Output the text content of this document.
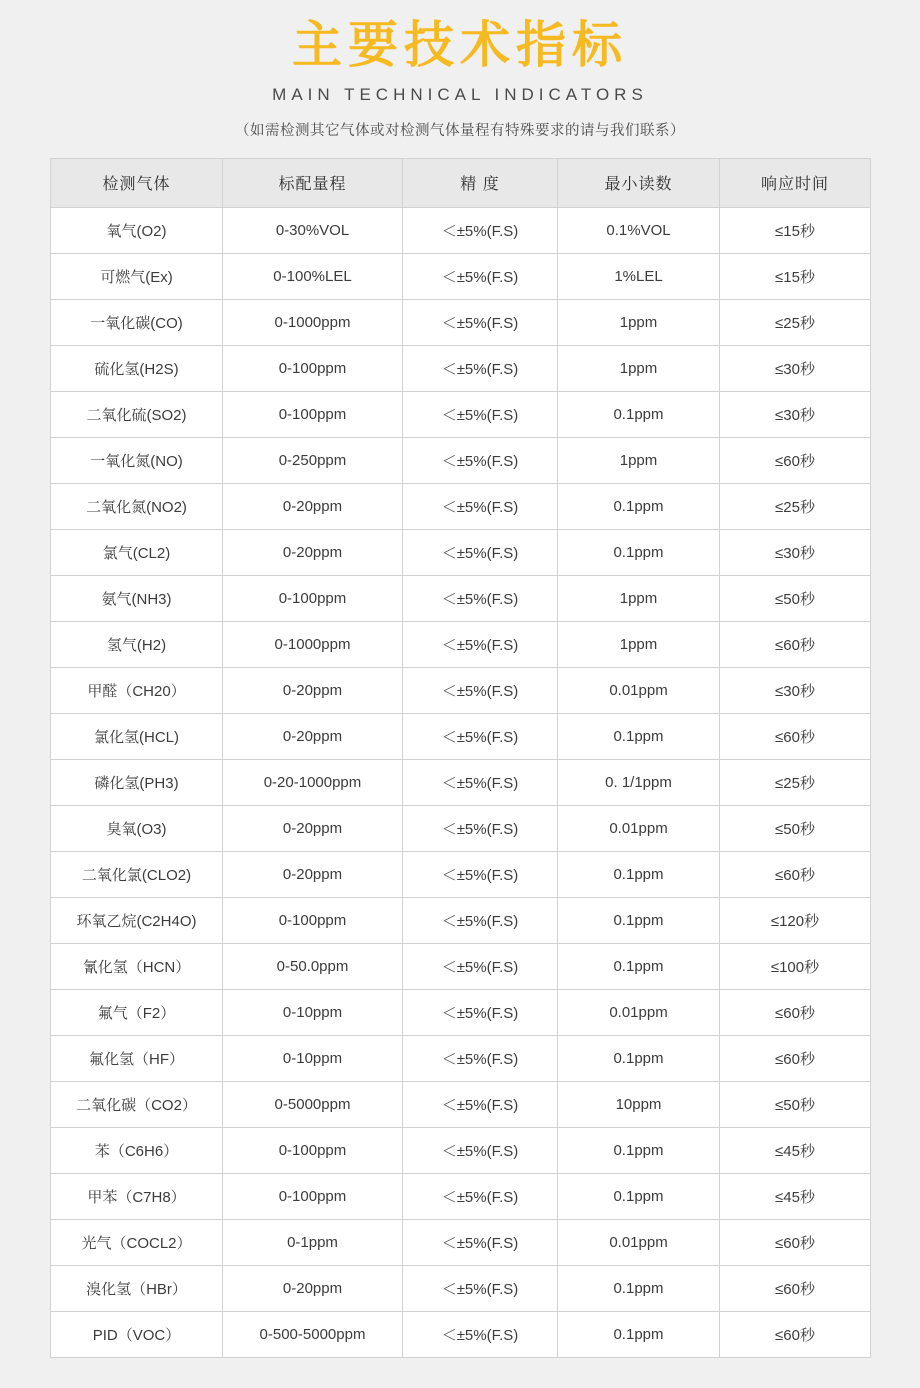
主要技术指标
MAIN TECHNICAL INDICATORS
（如需检测其它气体或对检测气体量程有特殊要求的请与我们联系）
检测气体	标配量程	精 度	最小读数	响应时间
氧气(O2)	0-30%VOL	＜±5%(F.S)	0.1%VOL	≤15秒
可燃气(Ex)	0-100%LEL	＜±5%(F.S)	1%LEL	≤15秒
一氧化碳(CO)	0-1000ppm	＜±5%(F.S)	1ppm	≤25秒
硫化氢(H2S)	0-100ppm	＜±5%(F.S)	1ppm	≤30秒
二氧化硫(SO2)	0-100ppm	＜±5%(F.S)	0.1ppm	≤30秒
一氧化氮(NO)	0-250ppm	＜±5%(F.S)	1ppm	≤60秒
二氧化氮(NO2)	0-20ppm	＜±5%(F.S)	0.1ppm	≤25秒
氯气(CL2)	0-20ppm	＜±5%(F.S)	0.1ppm	≤30秒
氨气(NH3)	0-100ppm	＜±5%(F.S)	1ppm	≤50秒
氢气(H2)	0-1000ppm	＜±5%(F.S)	1ppm	≤60秒
甲醛（CH20）	0-20ppm	＜±5%(F.S)	0.01ppm	≤30秒
氯化氢(HCL)	0-20ppm	＜±5%(F.S)	0.1ppm	≤60秒
磷化氢(PH3)	0-20-1000ppm	＜±5%(F.S)	0. 1/1ppm	≤25秒
臭氧(O3)	0-20ppm	＜±5%(F.S)	0.01ppm	≤50秒
二氧化氯(CLO2)	0-20ppm	＜±5%(F.S)	0.1ppm	≤60秒
环氧乙烷(C2H4O)	0-100ppm	＜±5%(F.S)	0.1ppm	≤120秒
氰化氢（HCN）	0-50.0ppm	＜±5%(F.S)	0.1ppm	≤100秒
氟气（F2）	0-10ppm	＜±5%(F.S)	0.01ppm	≤60秒
氟化氢（HF）	0-10ppm	＜±5%(F.S)	0.1ppm	≤60秒
二氧化碳（CO2）	0-5000ppm	＜±5%(F.S)	10ppm	≤50秒
苯（C6H6）	0-100ppm	＜±5%(F.S)	0.1ppm	≤45秒
甲苯（C7H8）	0-100ppm	＜±5%(F.S)	0.1ppm	≤45秒
光气（COCL2）	0-1ppm	＜±5%(F.S)	0.01ppm	≤60秒
溴化氢（HBr）	0-20ppm	＜±5%(F.S)	0.1ppm	≤60秒
PID（VOC）	0-500-5000ppm	＜±5%(F.S)	0.1ppm	≤60秒
